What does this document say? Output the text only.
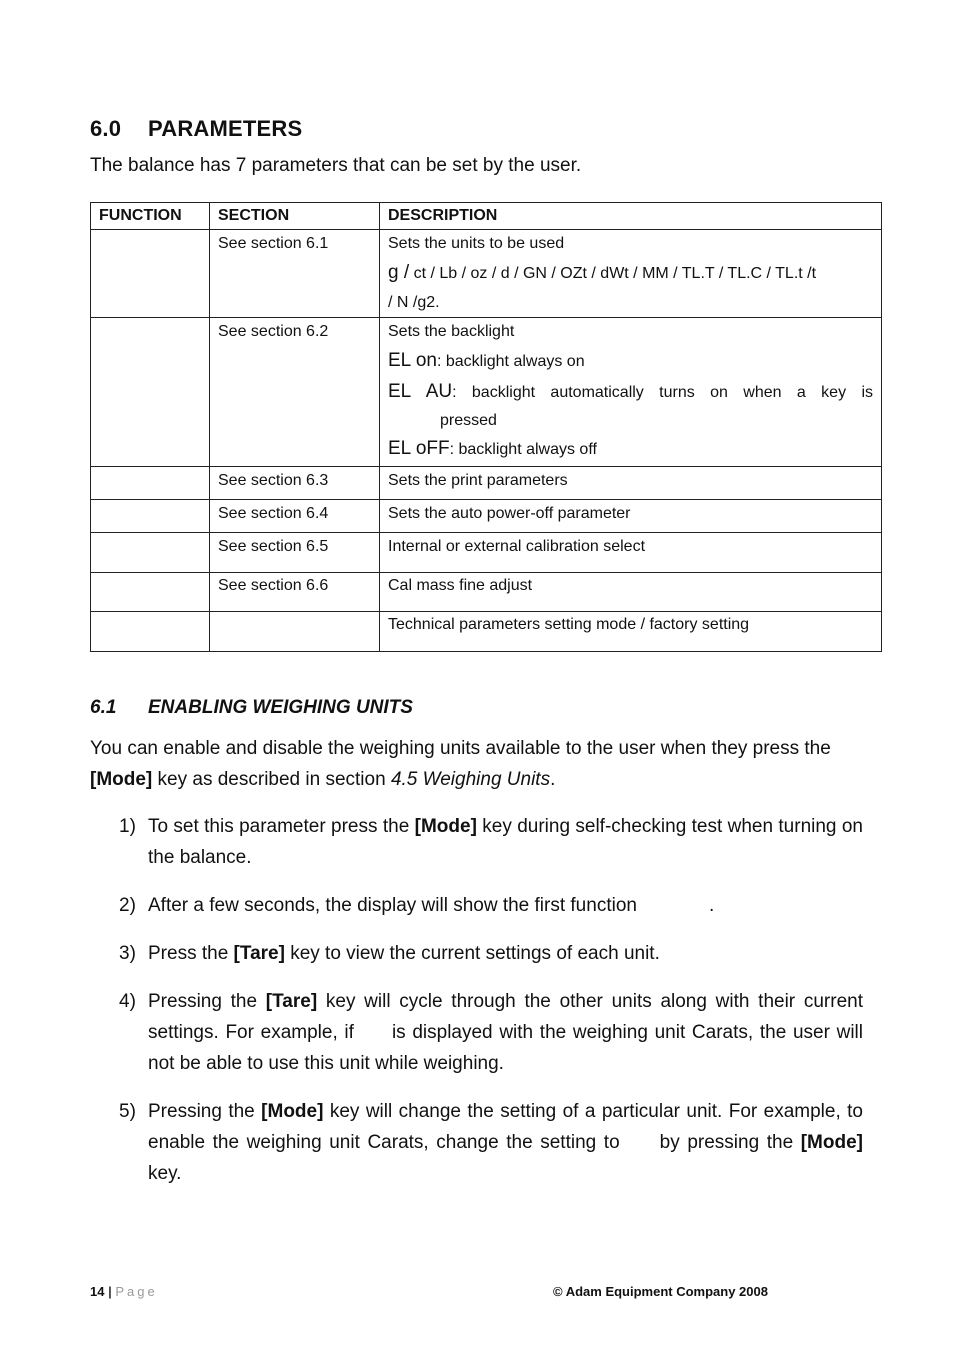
6.0 PARAMETERS
The balance has 7 parameters that can be set by the user.
FUNCTION	SECTION	DESCRIPTION
	See section 6.1	Sets the units to be used
g / ct / Lb / oz / d / GN / OZt / dWt / MM / TL.T / TL.C / TL.t /t
/ N /g2.

	See section 6.2	Sets the backlight
EL on: backlight always on
EL AU: backlight automatically turns on when a key is
pressed
EL oFF: backlight always off

	See section 6.3	Sets the print parameters
	See section 6.4	Sets the auto power-off parameter
	See section 6.5	Internal or external calibration select
	See section 6.6	Cal mass fine adjust
		Technical parameters setting mode / factory setting
6.1 ENABLING WEIGHING UNITS
You can enable and disable the weighing units available to the user when they press the [Mode] key as described in section 4.5 Weighing Units.
1) To set this parameter press the [Mode] key during self-checking test when turning on the balance.
2) After a few seconds, the display will show the first function	.
3) Press the [Tare] key to view the current settings of each unit.
4) Pressing the [Tare] key will cycle through the other units along with their current settings. For example, if is displayed with the weighing unit Carats, the user will not be able to use this unit while weighing.
5) Pressing the [Mode] key will change the setting of a particular unit. For example, to enable the weighing unit Carats, change the setting to by pressing the [Mode] key.
14 | Page	© Adam Equipment Company 2008
